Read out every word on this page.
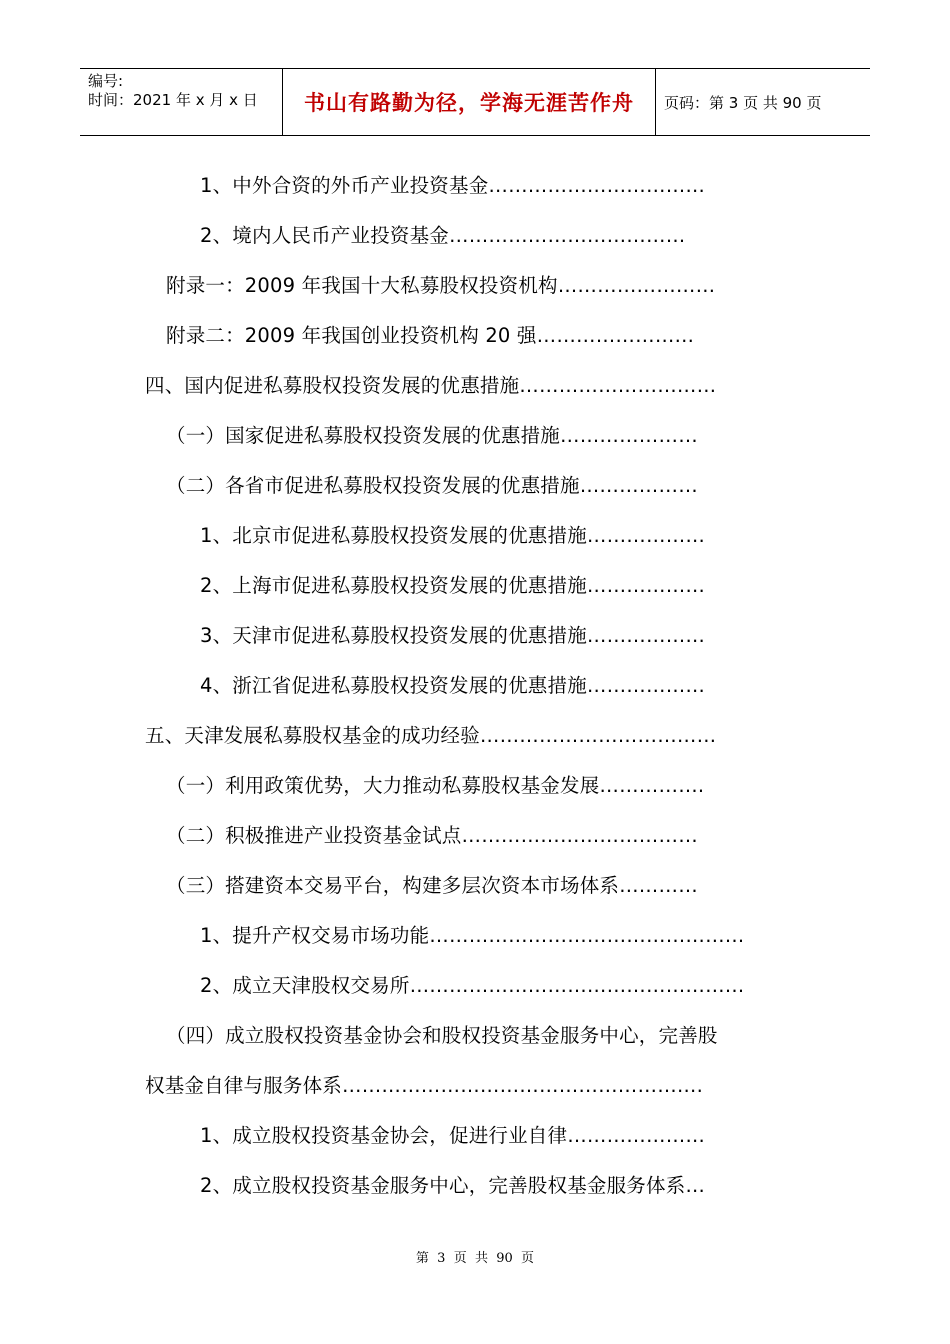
编号:
时间：2021 年 x 月 x 日 书山有路勤为径，学海无涯苦作舟 页码：第 3 页 共 90 页
1、中外合资的外币产业投资基金……………………………
2、境内人民币产业投资基金………………………………
附录一：2009 年我国十大私募股权投资机构……………………
附录二：2009 年我国创业投资机构 20 强……………………
四、国内促进私募股权投资发展的优惠措施…………………………
（一）国家促进私募股权投资发展的优惠措施…………………
（二）各省市促进私募股权投资发展的优惠措施………………
1、北京市促进私募股权投资发展的优惠措施………………
2、上海市促进私募股权投资发展的优惠措施………………
3、天津市促进私募股权投资发展的优惠措施………………
4、浙江省促进私募股权投资发展的优惠措施………………
五、天津发展私募股权基金的成功经验………………………………
（一）利用政策优势，大力推动私募股权基金发展…………….
（二）积极推进产业投资基金试点………………………………
（三）搭建资本交易平台，构建多层次资本市场体系…………
1、提升产权交易市场功能…………………………………………
2、成立天津股权交易所……………………………………………
（四）成立股权投资基金协会和股权投资基金服务中心，完善股
权基金自律与服务体系……………………………………………….
1、成立股权投资基金协会，促进行业自律…………………
2、成立股权投资基金服务中心，完善股权基金服务体系…
第  3  页  共  90  页
